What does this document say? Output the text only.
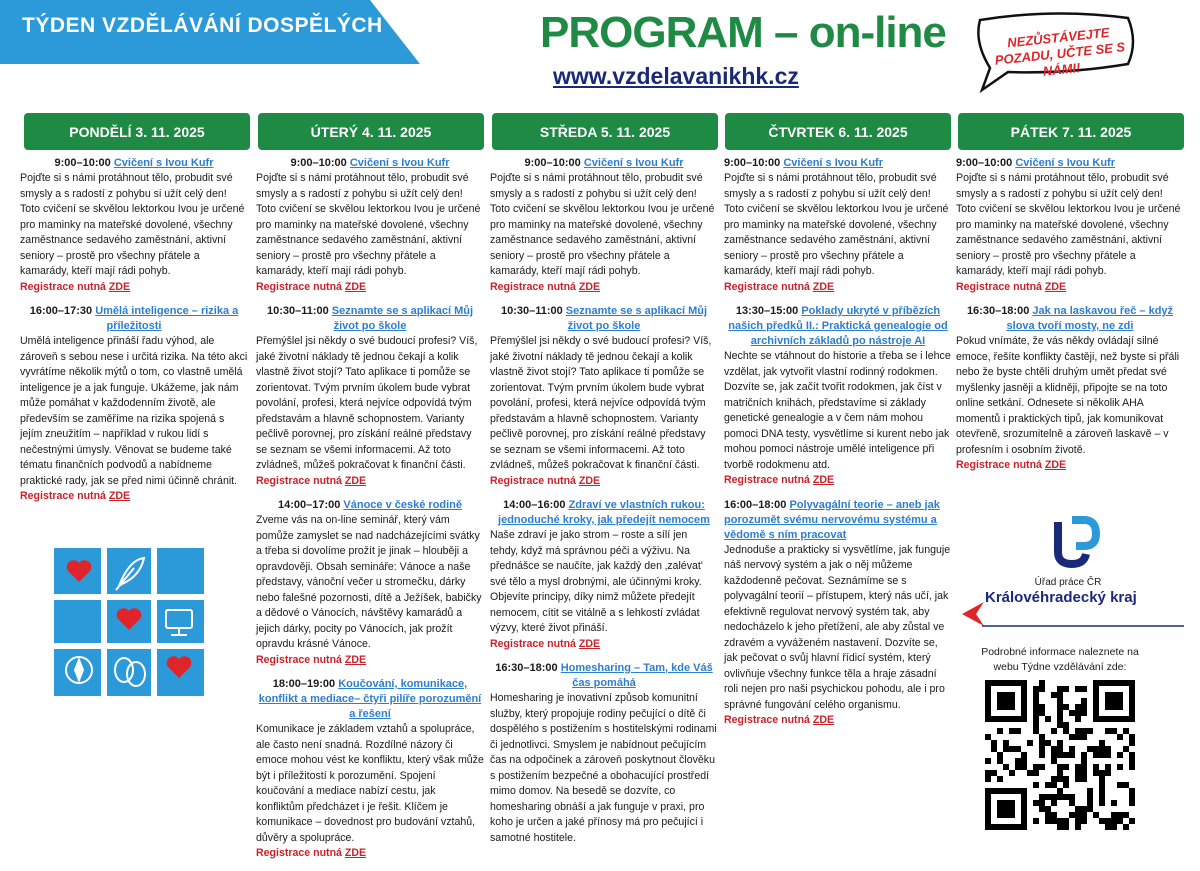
TÝDEN VZDĚLÁVÁNÍ DOSPĚLÝCH	PROGRAM – on-line
www.vzdelavanikhk.cz
NEZŮSTÁVEJTE POZADU, UČTE SE S NÁMI!
PONDĚLÍ 3. 11. 2025	ÚTERÝ 4. 11. 2025	STŘEDA 5. 11. 2025	ČTVRTEK 6. 11. 2025	PÁTEK 7. 11. 2025
9:00–10:00 Cvičení s Ivou Kufr
Pojďte si s námi protáhnout tělo, probudit své smysly a s radostí z pohybu si užít celý den! Toto cvičení se skvělou lektorkou Ivou je určené pro maminky na mateřské dovolené, všechny zaměstnance sedavého zaměstnání, aktivní seniory – prostě pro všechny přátele a kamarády, kteří mají rádi pohyb.
Registrace nutná ZDE
16:00–17:30 Umělá inteligence – rizika a příležitosti
Umělá inteligence přináší řadu výhod, ale zároveň s sebou nese i určitá rizika. Na této akci vyvrátíme několik mýtů o tom, co vlastně umělá inteligence je a jak funguje. Ukážeme, jak nám může pomáhat v každodenním životě, ale především se zaměříme na rizika spojená s jejím zneužitím – například v rukou lidí s nečestnými úmysly. Věnovat se budeme také tématu finančních podvodů a nabídneme praktické rady, jak se před nimi účinně chránit.
Registrace nutná ZDE
9:00–10:00 Cvičení s Ivou Kufr
Pojďte si s námi protáhnout tělo, probudit své smysly a s radostí z pohybu si užít celý den! Toto cvičení se skvělou lektorkou Ivou je určené pro maminky na mateřské dovolené, všechny zaměstnance sedavého zaměstnání, aktivní seniory – prostě pro všechny přátele a kamarády, kteří mají rádi pohyb.
Registrace nutná ZDE
10:30–11:00 Seznamte se s aplikací Můj život po škole
Přemýšlel jsi někdy o své budoucí profesi? Víš, jaké životní náklady tě jednou čekají a kolik vlastně život stojí? Tato aplikace ti pomůže se zorientovat. Tvým prvním úkolem bude vybrat povolání, profesi, která nejvíce odpovídá tvým představám a hlavně schopnostem. Varianty pečlivě porovnej, pro získání reálné představy se seznam se všemi informacemi. Až toto zvládneš, můžeš pokračovat k finanční části.
Registrace nutná ZDE
14:00–17:00 Vánoce v české rodině
Zveme vás na on-line seminář, který vám pomůže zamyslet se nad nadcházejícími svátky a třeba si dovolíme prožít je jinak – hlouběji a opravdověji. Obsah semináře: Vánoce a naše představy, vánoční večer u stromečku, dárky nebo falešné pozornosti, dítě a Ježíšek, babičky a dědové o Vánocích, návštěvy kamarádů a jejich dárky, pocity po Vánocích, jak prožít opravdu krásné Vánoce.
Registrace nutná ZDE
18:00–19:00 Koučování, komunikace, konflikt a mediace– čtyři pilíře porozumění a řešení
Komunikace je základem vztahů a spolupráce, ale často není snadná. Rozdílné názory či emoce mohou vést ke konfliktu, který však může být i příležitostí k porozumění. Spojení koučování a mediace nabízí cestu, jak konfliktům předcházet i je řešit. Klíčem je komunikace – dovednost pro budování vztahů, důvěry a spolupráce.
Registrace nutná ZDE
9:00–10:00 Cvičení s Ivou Kufr
Pojďte si s námi protáhnout tělo, probudit své smysly a s radostí z pohybu si užít celý den! Toto cvičení se skvělou lektorkou Ivou je určené pro maminky na mateřské dovolené, všechny zaměstnance sedavého zaměstnání, aktivní seniory – prostě pro všechny přátele a kamarády, kteří mají rádi pohyb.
Registrace nutná ZDE
10:30–11:00 Seznamte se s aplikací Můj život po škole
Přemýšlel jsi někdy o své budoucí profesi? Víš, jaké životní náklady tě jednou čekají a kolik vlastně život stojí? Tato aplikace ti pomůže se zorientovat. Tvým prvním úkolem bude vybrat povolání, profesi, která nejvíce odpovídá tvým představám a hlavně schopnostem. Varianty pečlivě porovnej, pro získání reálné představy se seznam se všemi informacemi. Až toto zvládneš, můžeš pokračovat k finanční části.
Registrace nutná ZDE
14:00–16:00 Zdraví ve vlastních rukou: jednoduché kroky, jak předejít nemocem
Naše zdraví je jako strom – roste a sílí jen tehdy, když má správnou péči a výživu. Na přednášce se naučíte, jak každý den ‚zalévat' své tělo a mysl drobnými, ale účinnými kroky. Objevíte principy, díky nimž můžete předejít nemocem, cítit se vitálně a s lehkostí zvládat výzvy, které život přináší.
Registrace nutná ZDE
16:30–18:00 Homesharing – Tam, kde Váš čas pomáhá
Homesharing je inovativní způsob komunitní služby, který propojuje rodiny pečující o dítě či dospělého s postižením s hostitelskými rodinami či jednotlivci. Smyslem je nabídnout pečujícím čas na odpočinek a zároveň poskytnout člověku s postižením bezpečné a obohacující prostředí mimo domov. Na besedě se dozvíte, co homesharing obnáší a jak funguje v praxi, pro koho je určen a jaké přínosy má pro pečující i samotné hostitele.
9:00–10:00 Cvičení s Ivou Kufr
Pojďte si s námi protáhnout tělo, probudit své smysly a s radostí z pohybu si užít celý den! Toto cvičení se skvělou lektorkou Ivou je určené pro maminky na mateřské dovolené, všechny zaměstnance sedavého zaměstnání, aktivní seniory – prostě pro všechny přátele a kamarády, kteří mají rádi pohyb.
Registrace nutná ZDE
13:30–15:00 Poklady ukryté v příbězích našich předků II.: Praktická genealogie od archivních základů po nástroje AI
Nechte se vtáhnout do historie a třeba se i lehce vzdělat, jak vytvořit vlastní rodinný rodokmen. Dozvíte se, jak začít tvořit rodokmen, jak číst v matričních knihách, představíme si základy genetické genealogie a v čem nám mohou pomoci DNA testy, vysvětlíme si kurent nebo jak mohou pomoci nástroje umělé inteligence při tvorbě rodokmenu atd.
Registrace nutná ZDE
16:00–18:00 Polyvagální teorie – aneb jak porozumět svému nervovému systému a vědomě s ním pracovat
Jednoduše a prakticky si vysvětlíme, jak funguje náš nervový systém a jak o něj můžeme každodenně pečovat. Seznámíme se s polyvagální teorií – přístupem, který nás učí, jak efektivně regulovat nervový systém tak, aby nedocházelo k jeho přetížení, ale aby zůstal ve zdravém a vyváženém nastavení. Dozvíte se, jak pečovat o svůj hlavní řídicí systém, který ovlivňuje všechny funkce těla a hraje zásadní roli nejen pro naši psychickou pohodu, ale i pro správné fungování celého organismu.
Registrace nutná ZDE
9:00–10:00 Cvičení s Ivou Kufr
Pojďte si s námi protáhnout tělo, probudit své smysly a s radostí z pohybu si užít celý den! Toto cvičení se skvělou lektorkou Ivou je určené pro maminky na mateřské dovolené, všechny zaměstnance sedavého zaměstnání, aktivní seniory – prostě pro všechny přátele a kamarády, kteří mají rádi pohyb.
Registrace nutná ZDE
16:30–18:00 Jak na laskavou řeč – když slova tvoří mosty, ne zdi
Pokud vnímáte, že vás někdy ovládají silné emoce, řešíte konflikty častěji, než byste si přáli nebo že byste chtěli druhým umět předat své myšlenky jasněji a klidněji, připojte se na toto online setkání. Odnesete si několik AHA momentů i praktických tipů, jak komunikovat otevřeně, srozumitelně a zároveň laskavě – v profesním i osobním životě.
Registrace nutná ZDE
Úřad práce ČR
Královéhradecký kraj
Podrobné informace naleznete na webu Týdne vzdělávání zde:
